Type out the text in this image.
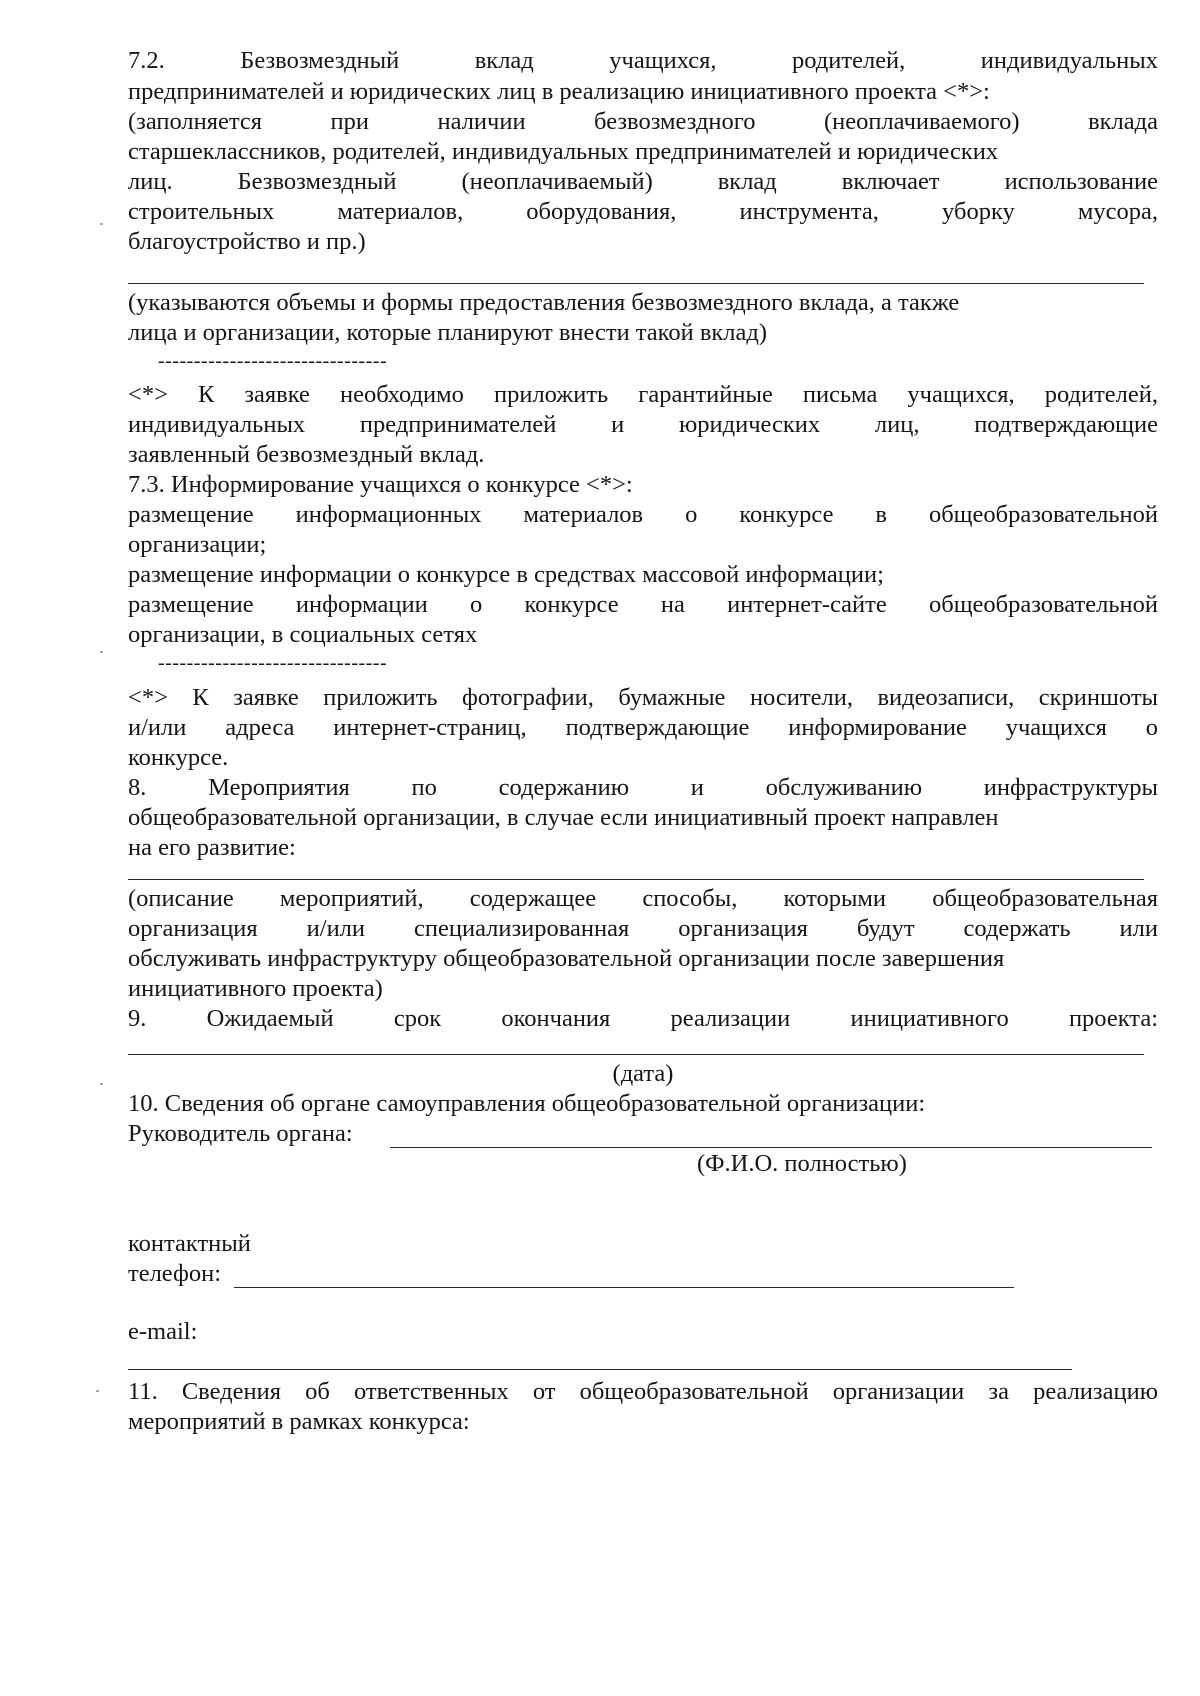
7.2. Безвозмездный вклад учащихся, родителей, индивидуальных
предпринимателей и юридических лиц в реализацию инициативного проекта <*>:
(заполняется при наличии безвозмездного (неоплачиваемого) вклада
старшеклассников, родителей, индивидуальных предпринимателей и юридических
лиц. Безвозмездный (неоплачиваемый) вклад включает использование
строительных материалов, оборудования, инструмента, уборку мусора,
благоустройство и пр.)
(указываются объемы и формы предоставления безвозмездного вклада, а также
лица и организации, которые планируют внести такой вклад)
--------------------------------
<*> К заявке необходимо приложить гарантийные письма учащихся, родителей,
индивидуальных предпринимателей и юридических лиц, подтверждающие
заявленный безвозмездный вклад.
7.3. Информирование учащихся о конкурсе <*>:
размещение информационных материалов о конкурсе в общеобразовательной
организации;
размещение информации о конкурсе в средствах массовой информации;
размещение информации о конкурсе на интернет-сайте общеобразовательной
организации, в социальных сетях
--------------------------------
<*> К заявке приложить фотографии, бумажные носители, видеозаписи, скриншоты
и/или адреса интернет-страниц, подтверждающие информирование учащихся о
конкурсе.
8. Мероприятия по содержанию и обслуживанию инфраструктуры
общеобразовательной организации, в случае если инициативный проект направлен
на его развитие:
(описание мероприятий, содержащее способы, которыми общеобразовательная
организация и/или специализированная организация будут содержать или
обслуживать инфраструктуру общеобразовательной организации после завершения
инициативного проекта)
9. Ожидаемый срок окончания реализации инициативного проекта:
(дата)
10. Сведения об органе самоуправления общеобразовательной организации:
Руководитель органа:
(Ф.И.О. полностью)
контактный
телефон:
e-mail:
11. Сведения об ответственных от общеобразовательной организации за реализацию
мероприятий в рамках конкурса:
